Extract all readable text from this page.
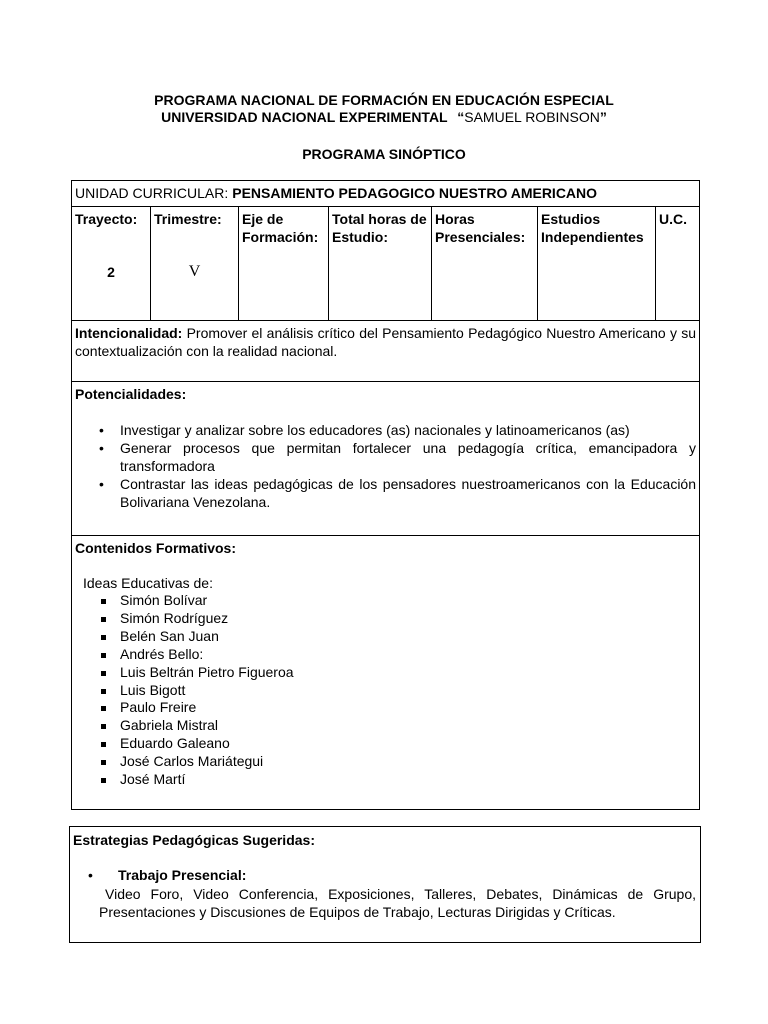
PROGRAMA NACIONAL DE FORMACIÓN EN EDUCACIÓN ESPECIAL
UNIVERSIDAD NACIONAL EXPERIMENTAL “SAMUEL ROBINSON”
PROGRAMA SINÓPTICO
UNIDAD CURRICULAR: PENSAMIENTO PEDAGOGICO NUESTRO AMERICANO
Trayecto:
2
Trimestre:
V
Eje de Formación:
Total horas de Estudio:
Horas Presenciales:
Estudios Independientes
U.C.
Intencionalidad: Promover el análisis crítico del Pensamiento Pedagógico Nuestro Americano y su contextualización con la realidad nacional.
Potencialidades:
• Investigar y analizar sobre los educadores (as) nacionales y latinoamericanos (as)
• Generar procesos que permitan fortalecer una pedagogía crítica, emancipadora y transformadora
• Contrastar las ideas pedagógicas de los pensadores nuestroamericanos con la Educación Bolivariana Venezolana.
Contenidos Formativos:
Ideas Educativas de:
Simón Bolívar
Simón Rodríguez
Belén San Juan
Andrés Bello:
Luis Beltrán Pietro Figueroa
Luis Bigott
Paulo Freire
Gabriela Mistral
Eduardo Galeano
José Carlos Mariátegui
José Martí
Estrategias Pedagógicas Sugeridas:
• Trabajo Presencial:
Video Foro, Video Conferencia, Exposiciones, Talleres, Debates, Dinámicas de Grupo, Presentaciones y Discusiones de Equipos de Trabajo, Lecturas Dirigidas y Críticas.
